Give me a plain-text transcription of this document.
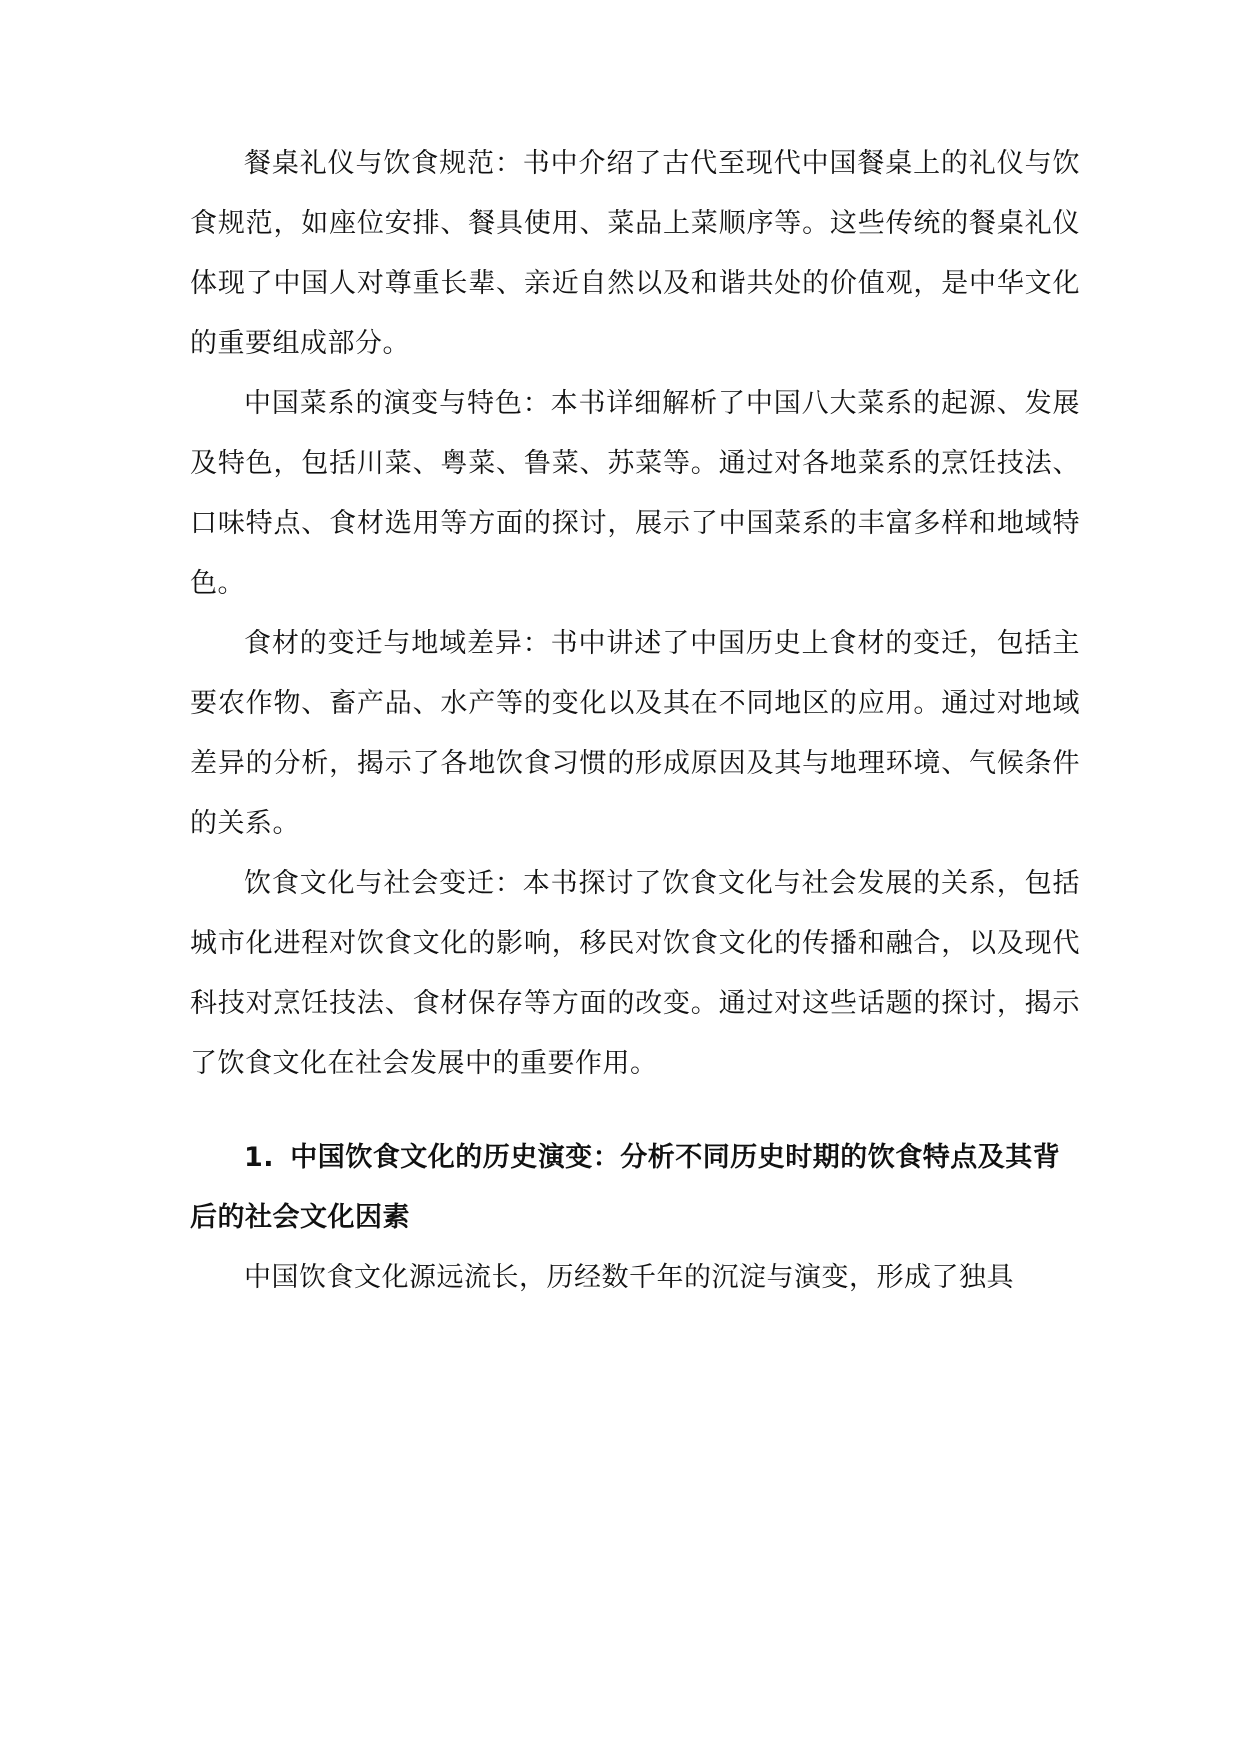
餐桌礼仪与饮食规范：书中介绍了古代至现代中国餐桌上的礼仪与饮食规范，如座位安排、餐具使用、菜品上菜顺序等。这些传统的餐桌礼仪体现了中国人对尊重长辈、亲近自然以及和谐共处的价值观，是中华文化的重要组成部分。

中国菜系的演变与特色：本书详细解析了中国八大菜系的起源、发展及特色，包括川菜、粤菜、鲁菜、苏菜等。通过对各地菜系的烹饪技法、口味特点、食材选用等方面的探讨，展示了中国菜系的丰富多样和地域特色。

食材的变迁与地域差异：书中讲述了中国历史上食材的变迁，包括主要农作物、畜产品、水产等的变化以及其在不同地区的应用。通过对地域差异的分析，揭示了各地饮食习惯的形成原因及其与地理环境、气候条件的关系。

饮食文化与社会变迁：本书探讨了饮食文化与社会发展的关系，包括城市化进程对饮食文化的影响，移民对饮食文化的传播和融合，以及现代科技对烹饪技法、食材保存等方面的改变。通过对这些话题的探讨，揭示了饮食文化在社会发展中的重要作用。

1. 中国饮食文化的历史演变：分析不同历史时期的饮食特点及其背后的社会文化因素

中国饮食文化源远流长，历经数千年的沉淀与演变，形成了独具
